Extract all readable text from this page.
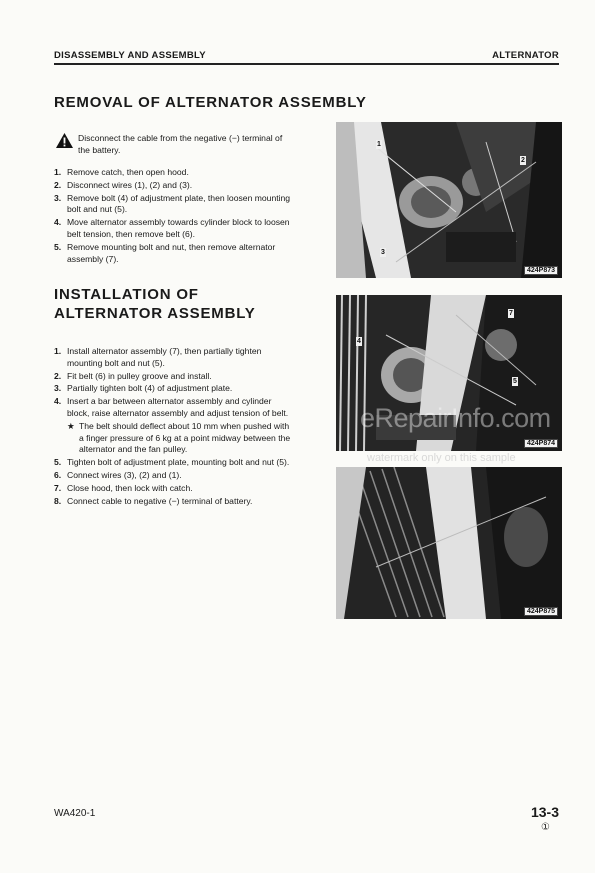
DISASSEMBLY AND ASSEMBLY	ALTERNATOR
REMOVAL OF ALTERNATOR ASSEMBLY
Disconnect the cable from the negative (−) terminal of the battery.
1. Remove catch, then open hood.
2. Disconnect wires (1), (2) and (3).
3. Remove bolt (4) of adjustment plate, then loosen mounting bolt and nut (5).
4. Move alternator assembly towards cylinder block to loosen belt tension, then remove belt (6).
5. Remove mounting bolt and nut, then remove alternator assembly (7).
INSTALLATION OF
ALTERNATOR ASSEMBLY
1. Install alternator assembly (7), then partially tighten mounting bolt and nut (5).
2. Fit belt (6) in pulley groove and install.
3. Partially tighten bolt (4) of adjustment plate.
4. Insert a bar between alternator assembly and cylinder block, raise alternator assembly and adjust tension of belt.
★ The belt should deflect about 10 mm when pushed with a finger pressure of 6 kg at a point midway between the alternator and the fan pulley.
5. Tighten bolt of adjustment plate, mounting bolt and nut (5).
6. Connect wires (3), (2) and (1).
7. Close hood, then lock with catch.
8. Connect cable to negative (−) terminal of battery.
1
2
3
424P873
7
4
5
424P874
424P875
eRepairInfo.com
watermark only on this sample
WA420-1	13-3
①
